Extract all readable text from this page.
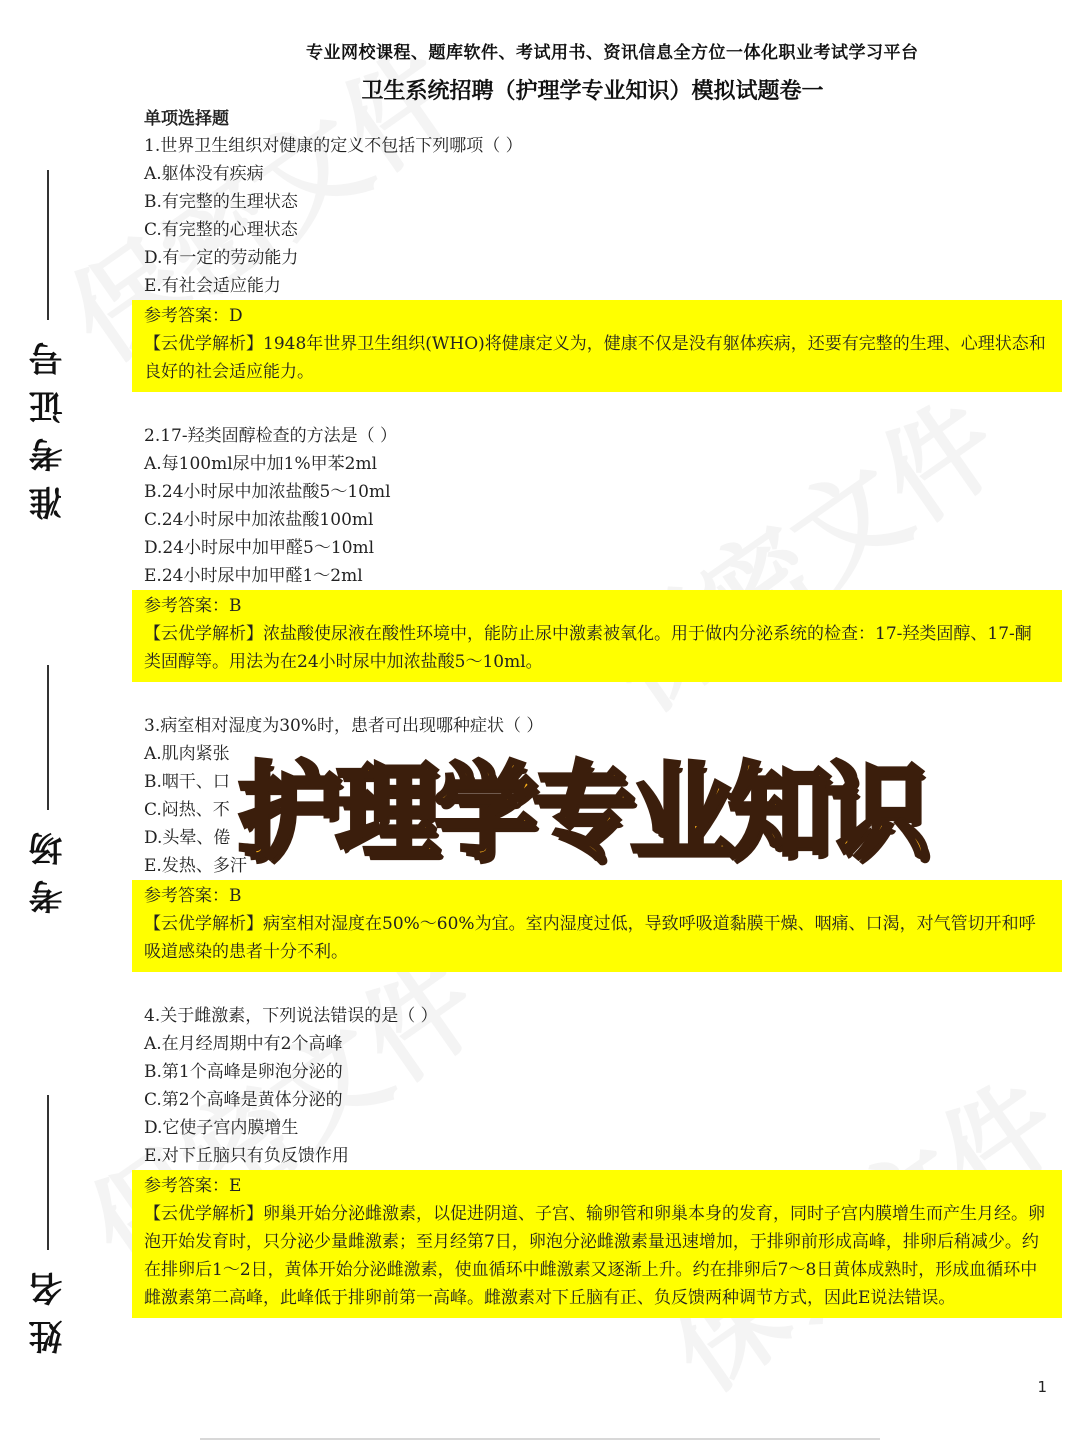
专业网校课程、题库软件、考试用书、资讯信息全方位一体化职业考试学习平台
卫生系统招聘（护理学专业知识）模拟试题卷一
准考证号
考场
姓名
单项选择题
1.世界卫生组织对健康的定义不包括下列哪项（ ）
A.躯体没有疾病
B.有完整的生理状态
C.有完整的心理状态
D.有一定的劳动能力
E.有社会适应能力
参考答案：D
【云优学解析】1948年世界卫生组织(WHO)将健康定义为，健康不仅是没有躯体疾病，还要有完整的生理、心理状态和良好的社会适应能力。
2.17-羟类固醇检查的方法是（ ）
A.每100ml尿中加1%甲苯2ml
B.24小时尿中加浓盐酸5～10ml
C.24小时尿中加浓盐酸100ml
D.24小时尿中加甲醛5～10ml
E.24小时尿中加甲醛1～2ml
参考答案：B
【云优学解析】浓盐酸使尿液在酸性环境中，能防止尿中激素被氧化。用于做内分泌系统的检查：17-羟类固醇、17-酮类固醇等。用法为在24小时尿中加浓盐酸5～10ml。
3.病室相对湿度为30%时，患者可出现哪种症状（ ）
A.肌肉紧张
B.咽干、口
C.闷热、不
D.头晕、倦
E.发热、多汗
参考答案：B
【云优学解析】病室相对湿度在50%～60%为宜。室内湿度过低，导致呼吸道黏膜干燥、咽痛、口渴，对气管切开和呼吸道感染的患者十分不利。
4.关于雌激素，下列说法错误的是（ ）
A.在月经周期中有2个高峰
B.第1个高峰是卵泡分泌的
C.第2个高峰是黄体分泌的
D.它使子宫内膜增生
E.对下丘脑只有负反馈作用
参考答案：E
【云优学解析】卵巢开始分泌雌激素，以促进阴道、子宫、输卵管和卵巢本身的发育，同时子宫内膜增生而产生月经。卵泡开始发育时，只分泌少量雌激素；至月经第7日，卵泡分泌雌激素量迅速增加，于排卵前形成高峰，排卵后稍减少。约在排卵后1～2日，黄体开始分泌雌激素，使血循环中雌激素又逐渐上升。约在排卵后7～8日黄体成熟时，形成血循环中雌激素第二高峰，此峰低于排卵前第一高峰。雌激素对下丘脑有正、负反馈两种调节方式，因此E说法错误。
护理学专业知识
1
